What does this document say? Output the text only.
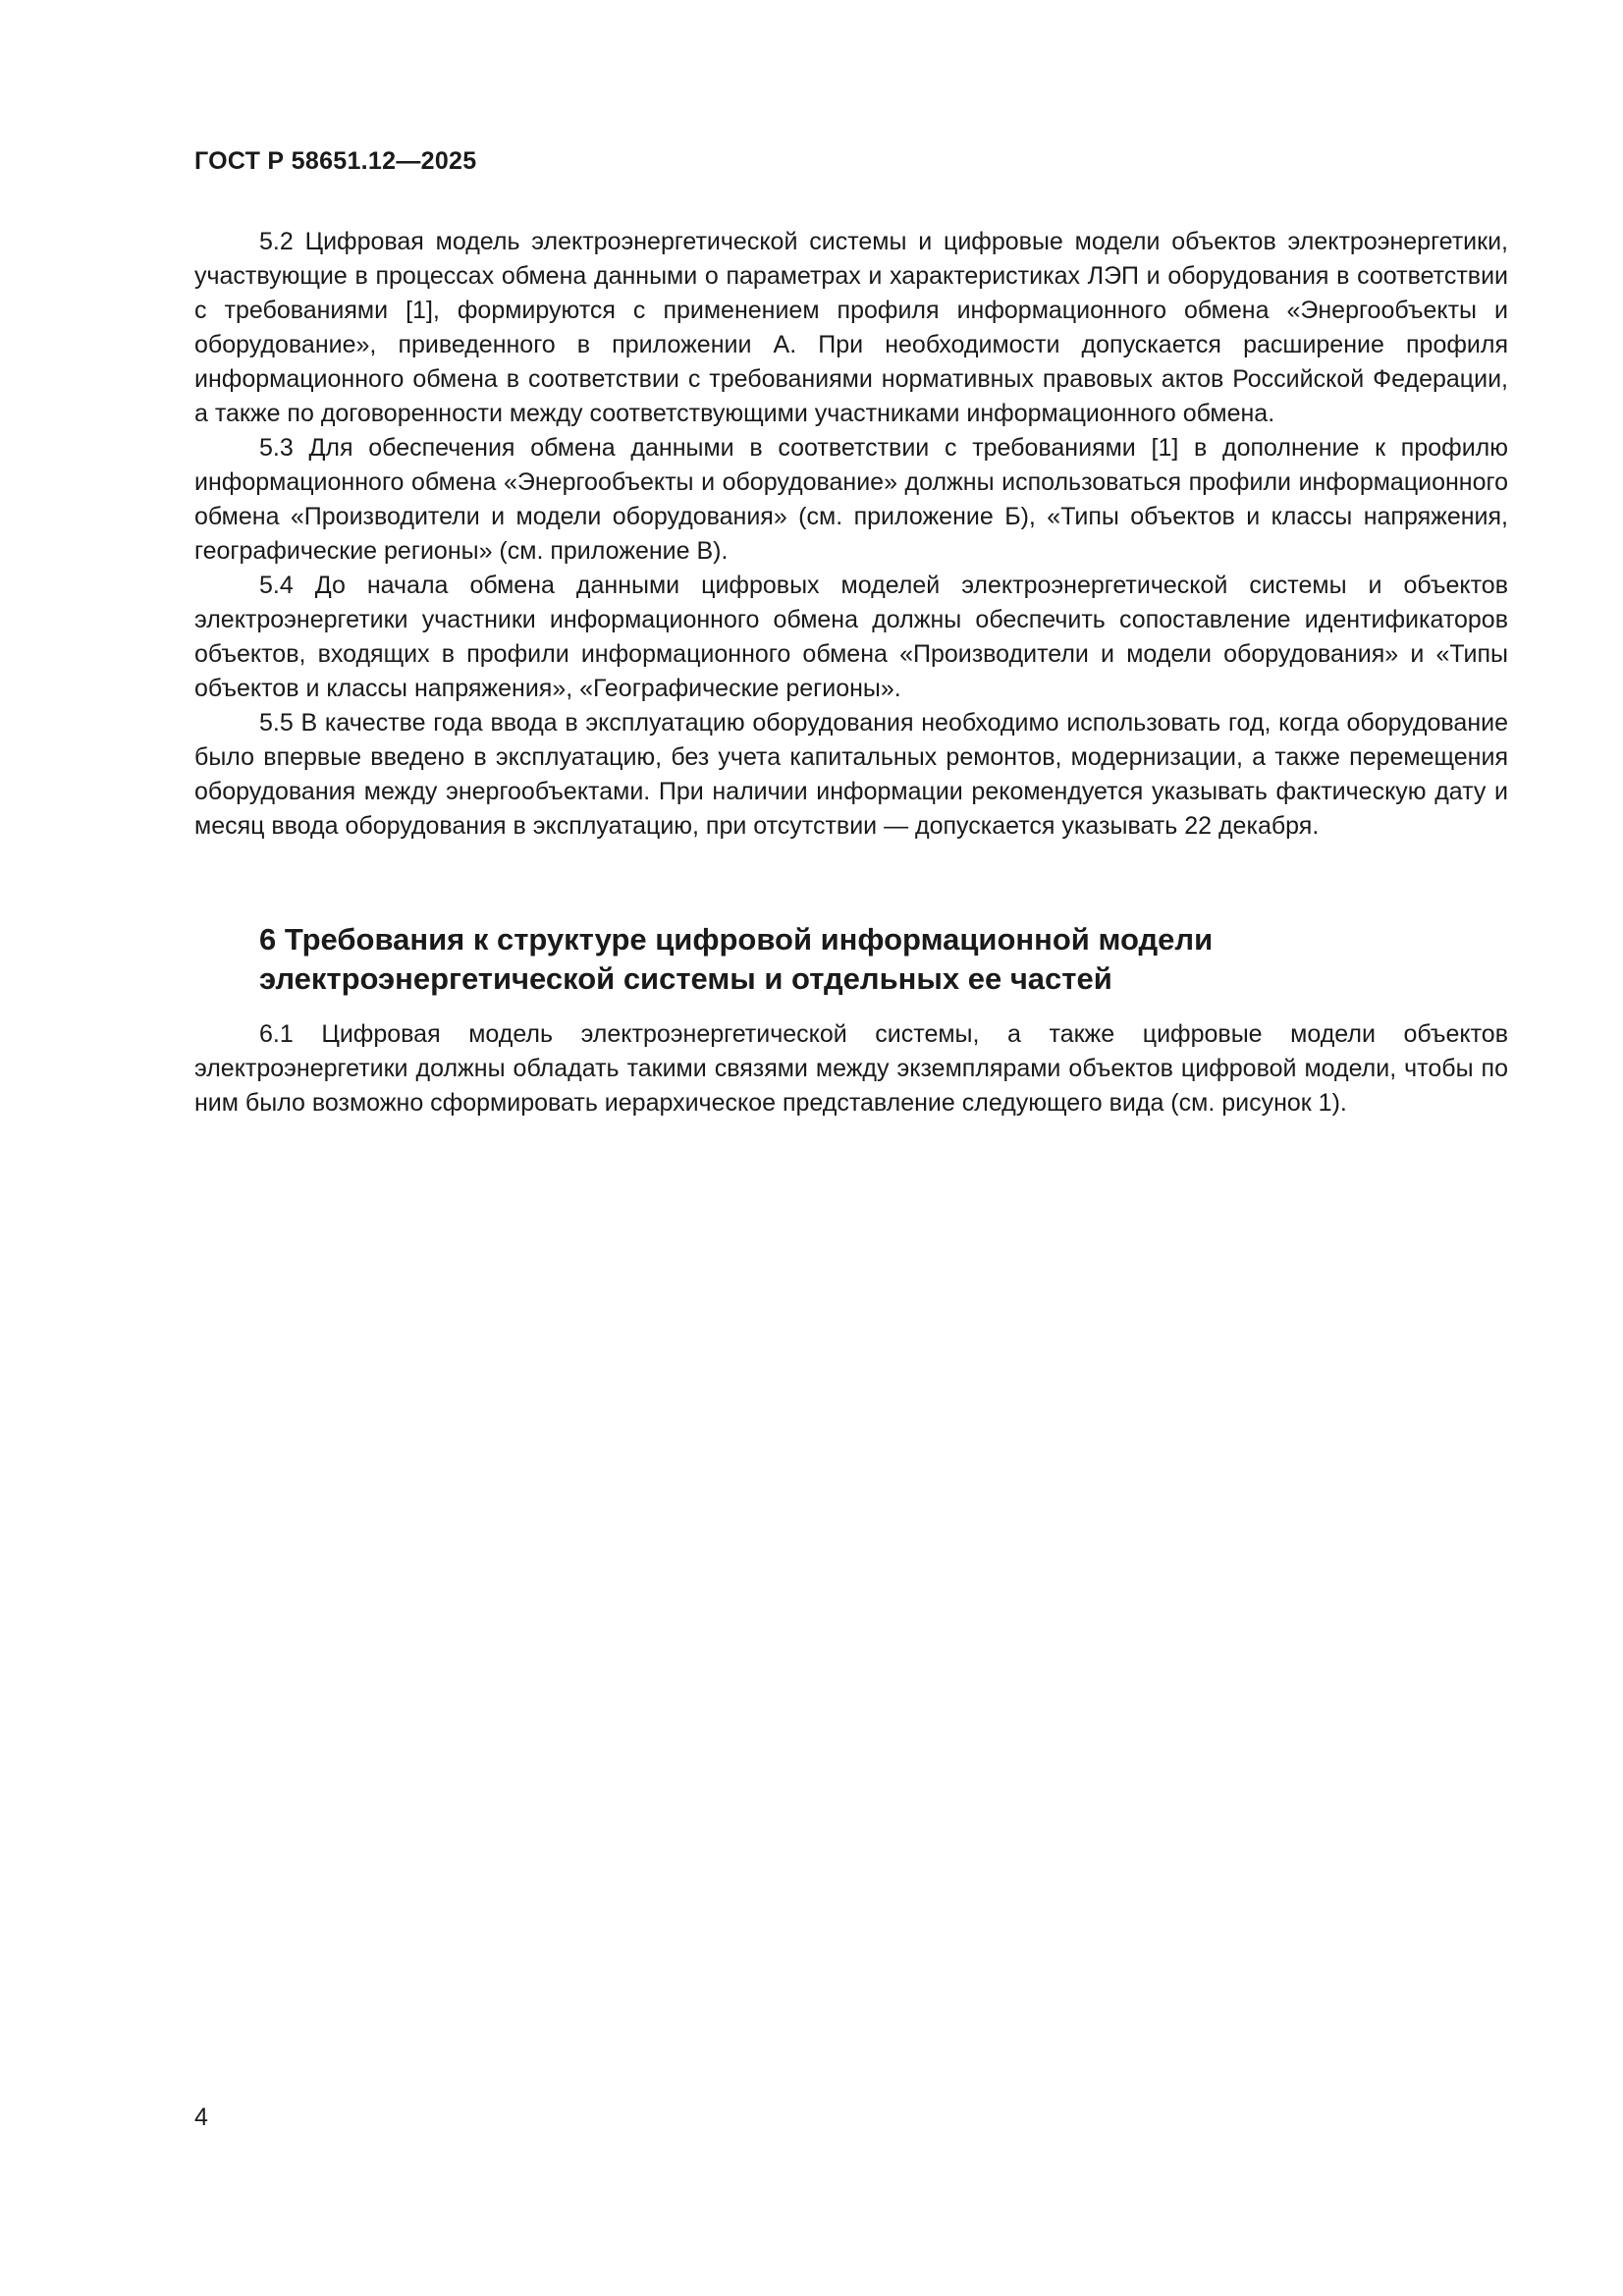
ГОСТ Р 58651.12—2025

5.2 Цифровая модель электроэнергетической системы и цифровые модели объектов электроэнергетики, участвующие в процессах обмена данными о параметрах и характеристиках ЛЭП и оборудования в соответствии с требованиями [1], формируются с применением профиля информационного обмена «Энергообъекты и оборудование», приведенного в приложении А. При необходимости допускается расширение профиля информационного обмена в соответствии с требованиями нормативных правовых актов Российской Федерации, а также по договоренности между соответствующими участниками информационного обмена.

5.3 Для обеспечения обмена данными в соответствии с требованиями [1] в дополнение к профилю информационного обмена «Энергообъекты и оборудование» должны использоваться профили информационного обмена «Производители и модели оборудования» (см. приложение Б), «Типы объектов и классы напряжения, географические регионы» (см. приложение В).

5.4 До начала обмена данными цифровых моделей электроэнергетической системы и объектов электроэнергетики участники информационного обмена должны обеспечить сопоставление идентификаторов объектов, входящих в профили информационного обмена «Производители и модели оборудования» и «Типы объектов и классы напряжения», «Географические регионы».

5.5 В качестве года ввода в эксплуатацию оборудования необходимо использовать год, когда оборудование было впервые введено в эксплуатацию, без учета капитальных ремонтов, модернизации, а также перемещения оборудования между энергообъектами. При наличии информации рекомендуется указывать фактическую дату и месяц ввода оборудования в эксплуатацию, при отсутствии — допускается указывать 22 декабря.

6 Требования к структуре цифровой информационной модели
электроэнергетической системы и отдельных ее частей

6.1 Цифровая модель электроэнергетической системы, а также цифровые модели объектов электроэнергетики должны обладать такими связями между экземплярами объектов цифровой модели, чтобы по ним было возможно сформировать иерархическое представление следующего вида (см. рисунок 1).

4
